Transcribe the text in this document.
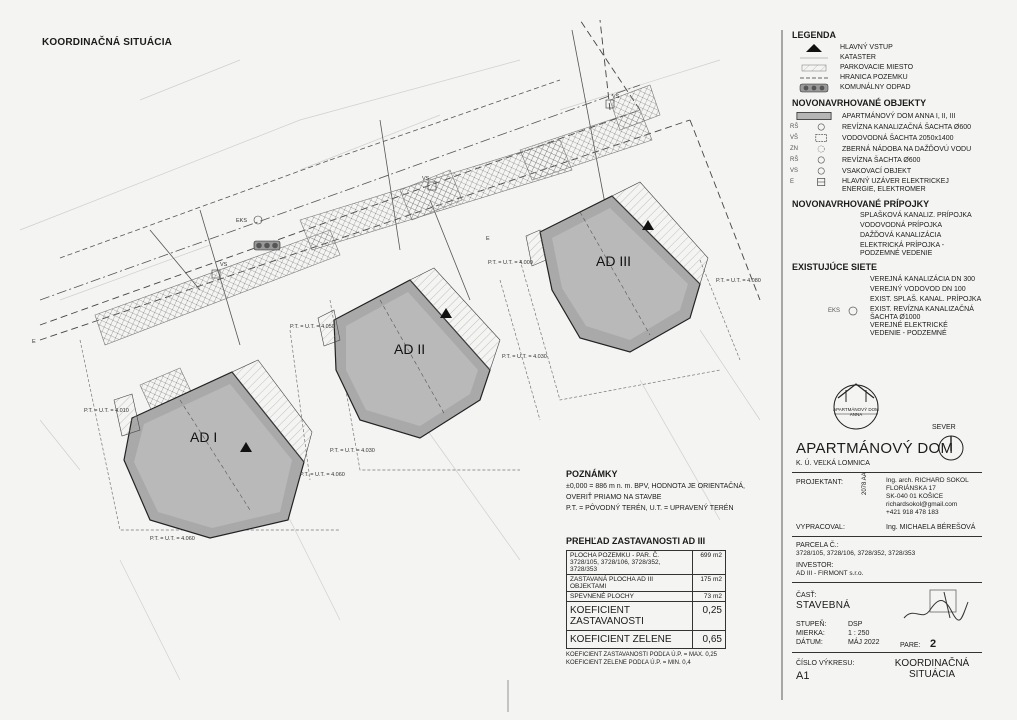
KOORDINAČNÁ SITUÁCIA
AD I
AD II
AD III
EKS
E
E
VS
VS
VS
P.T. = U.T. = 4.060
P.T. = U.T. = 4.030
P.T. = U.T. = 4.060
P.T. = U.T. = 4.010
P.T. = U.T. = 4.050
P.T. = U.T. = 4.030
P.T. = U.T. = 4.000
P.T. = U.T. = 4.080
POZNÁMKY

±0,000 = 886 m n. m. BPV, HODNOTA JE ORIENTAČNÁ,

OVERIŤ PRIAMO NA STAVBE

P.T. = PÔVODNÝ TERÉN, U.T. = UPRAVENÝ TERÉN

PREHĽAD ZASTAVANOSTI AD III
PLOCHA POZEMKU - PAR. Č. 3728/105, 3728/106, 3728/352, 3728/353	699 m2
ZASTAVANÁ PLOCHA AD III OBJEKTAMI	175 m2
SPEVNENÉ PLOCHY	73 m2
KOEFICIENT ZASTAVANOSTI	0,25
KOEFICIENT ZELENE	0,65
KOEFICIENT ZASTAVANOSTI PODĽA Ú.P. = MAX. 0,25
KOEFICIENT ZELENE PODĽA Ú.P. = MIN. 0,4
LEGENDA
HLAVNÝ VSTUP
KATASTER
PARKOVACIE MIESTO
HRANICA POZEMKU
KOMUNÁLNY ODPAD
NOVONAVRHOVANÉ OBJEKTY
APARTMÁNOVÝ DOM ANNA I, II, III
RŠ	REVÍZNA KANALIZAČNÁ ŠACHTA Ø600
VŠ	VODOVODNÁ ŠACHTA 2050x1400
ZN	ZBERNÁ NÁDOBA NA DAŽĎOVÚ VODU
RŠ	REVÍZNA ŠACHTA Ø600
VS	VSAKOVACÍ OBJEKT
E	HLAVNÝ UZÁVER ELEKTRICKEJ ENERGIE, ELEKTROMER
NOVONAVRHOVANÉ PRÍPOJKY
SPLAŠKOVÁ KANALIZ. PRÍPOJKA
VODOVODNÁ PRÍPOJKA
DAŽĎOVÁ KANALIZÁCIA
ELEKTRICKÁ PRÍPOJKA - PODZEMNÉ VEDENIE
EXISTUJÚCE SIETE
VEREJNÁ KANALIZÁCIA DN 300
VEREJNÝ VODOVOD DN 100
EXIST. SPLAŠ. KANAL. PRÍPOJKA
EKS	EXIST. REVÍZNA KANALIZAČNÁ ŠACHTA Ø1000
VEREJNÉ ELEKTRICKÉ VEDENIE - PODZEMNÉ
APARTMÁNOVÝ DOM ANNA
SEVER
APARTMÁNOVÝ DOM
K. Ú. VEĽKÁ LOMNICA
PROJEKTANT:	Ing. arch. RICHARD SOKOL
FLORIÁNSKA 17
SK-040 01 KOŠICE
richardsokol@gmail.com
+421 918 478 183
2078 AA
VYPRACOVAL:	Ing. MICHAELA BÉREŠOVÁ
PARCELA Č.:
3728/105, 3728/106, 3728/352, 3728/353
INVESTOR:
AD III - FIRMONT s.r.o.
ČASŤ:
STAVEBNÁ
STUPEŇ:	DSP
MIERKA:	1 : 250
DÁTUM:	MÁJ 2022	PARE: 2
ČÍSLO VÝKRESU:
A1
KOORDINAČNÁ SITUÁCIA
